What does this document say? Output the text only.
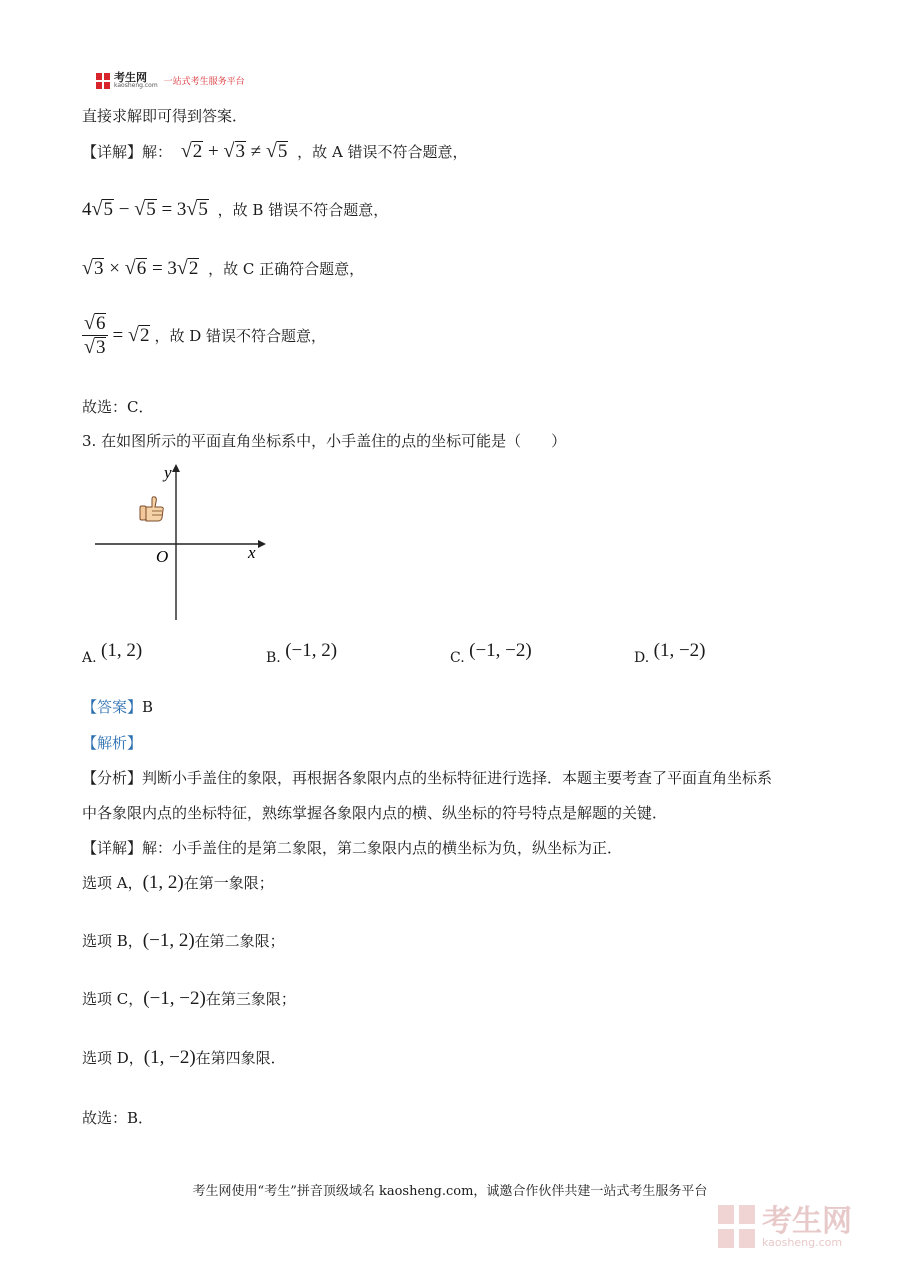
考生网
kaosheng.com 一站式考生服务平台
直接求解即可得到答案．
【详解】解： √2 + √3 ≠ √5 ，故 A 错误不符合题意，
4√5 − √5 = 3√5 ，故 B 错误不符合题意，
√3 × √6 = 3√2 ，故 C 正确符合题意，
$\frac{√6}{√3} = √2$ ，故 D 错误不符合题意，
故选：C．
3. 在如图所示的平面直角坐标系中，小手盖住的点的坐标可能是（　　）
x
y
O
A. (1, 2)	B. (−1, 2)	C. (−1, −2)	D. (1, −2)
【答案】B
【解析】
【分析】判断小手盖住的象限，再根据各象限内点的坐标特征进行选择．本题主要考查了平面直角坐标系
中各象限内点的坐标特征，熟练掌握各象限内点的横、纵坐标的符号特点是解题的关键．
【详解】解：小手盖住的是第二象限，第二象限内点的横坐标为负，纵坐标为正．
选项 A，(1, 2)在第一象限；
选项 B，(−1, 2)在第二象限；
选项 C，(−1, −2)在第三象限；
选项 D，(1, −2)在第四象限．
故选：B．
考生网使用“考生”拼音顶级域名 kaosheng.com，诚邀合作伙伴共建一站式考生服务平台
考生网
kaosheng.com
